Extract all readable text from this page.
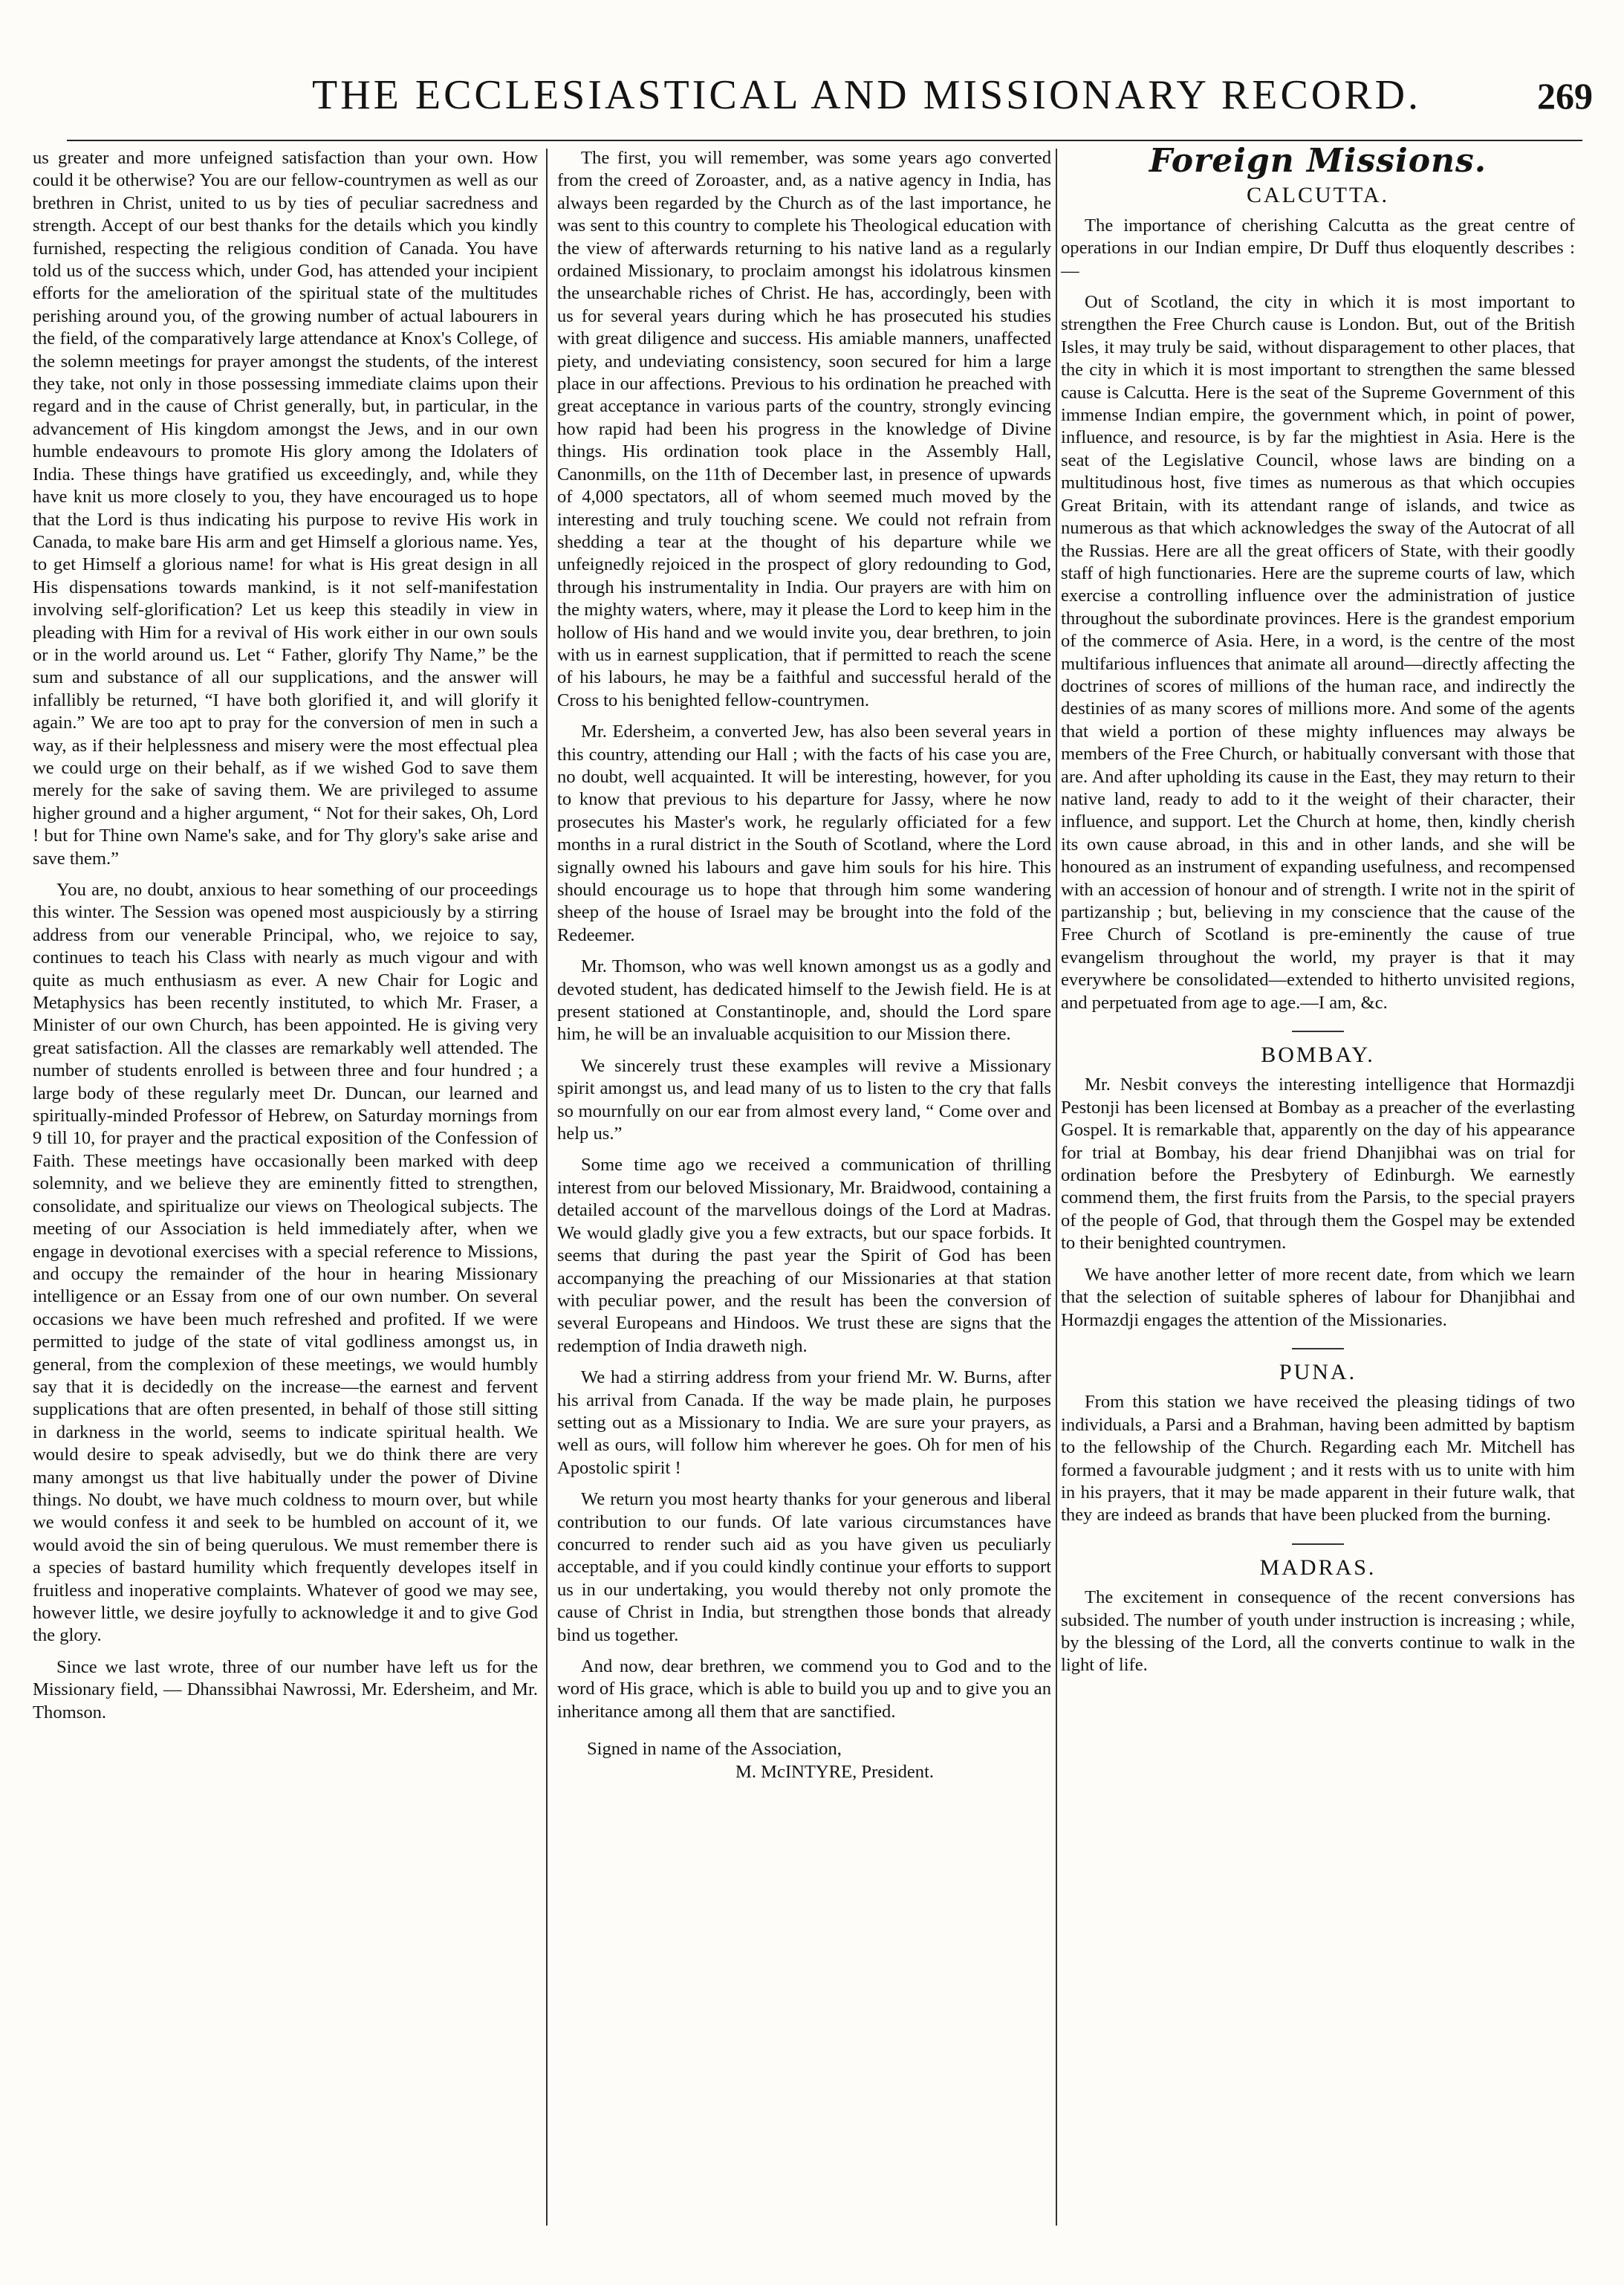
THE ECCLESIASTICAL AND MISSIONARY RECORD.	269

us greater and more unfeigned satisfaction than your own. How could it be otherwise? You are our fellow-countrymen as well as our brethren in Christ, united to us by ties of peculiar sacredness and strength. Accept of our best thanks for the details which you kindly furnished, respecting the religious condition of Canada. You have told us of the success which, under God, has attended your incipient efforts for the amelioration of the spiritual state of the multitudes perishing around you, of the growing number of actual labourers in the field, of the comparatively large attendance at Knox's College, of the solemn meetings for prayer amongst the students, of the interest they take, not only in those possessing immediate claims upon their regard and in the cause of Christ generally, but, in particular, in the advancement of His kingdom amongst the Jews, and in our own humble endeavours to promote His glory among the Idolaters of India. These things have gratified us exceedingly, and, while they have knit us more closely to you, they have encouraged us to hope that the Lord is thus indicating his purpose to revive His work in Canada, to make bare His arm and get Himself a glorious name. Yes, to get Himself a glorious name! for what is His great design in all His dispensations towards mankind, is it not self-manifestation involving self-glorification? Let us keep this steadily in view in pleading with Him for a revival of His work either in our own souls or in the world around us. Let “ Father, glorify Thy Name,” be the sum and substance of all our supplications, and the answer will infallibly be returned, “I have both glorified it, and will glorify it again.” We are too apt to pray for the conversion of men in such a way, as if their helplessness and misery were the most effectual plea we could urge on their behalf, as if we wished God to save them merely for the sake of saving them. We are privileged to assume higher ground and a higher argument, “ Not for their sakes, Oh, Lord ! but for Thine own Name's sake, and for Thy glory's sake arise and save them.”

You are, no doubt, anxious to hear something of our proceedings this winter. The Session was opened most auspiciously by a stirring address from our venerable Principal, who, we rejoice to say, continues to teach his Class with nearly as much vigour and with quite as much enthusiasm as ever. A new Chair for Logic and Metaphysics has been recently instituted, to which Mr. Fraser, a Minister of our own Church, has been appointed. He is giving very great satisfaction. All the classes are remarkably well attended. The number of students enrolled is between three and four hundred ; a large body of these regularly meet Dr. Duncan, our learned and spiritually-minded Professor of Hebrew, on Saturday mornings from 9 till 10, for prayer and the practical exposition of the Confession of Faith. These meetings have occasionally been marked with deep solemnity, and we believe they are eminently fitted to strengthen, consolidate, and spiritualize our views on Theological subjects. The meeting of our Association is held immediately after, when we engage in devotional exercises with a special reference to Missions, and occupy the remainder of the hour in hearing Missionary intelligence or an Essay from one of our own number. On several occasions we have been much refreshed and profited. If we were permitted to judge of the state of vital godliness amongst us, in general, from the complexion of these meetings, we would humbly say that it is decidedly on the increase—the earnest and fervent supplications that are often presented, in behalf of those still sitting in darkness in the world, seems to indicate spiritual health. We would desire to speak advisedly, but we do think there are very many amongst us that live habitually under the power of Divine things. No doubt, we have much coldness to mourn over, but while we would confess it and seek to be humbled on account of it, we would avoid the sin of being querulous. We must remember there is a species of bastard humility which frequently developes itself in fruitless and inoperative complaints. Whatever of good we may see, however little, we desire joyfully to acknowledge it and to give God the glory.

Since we last wrote, three of our number have left us for the Missionary field, — Dhanssibhai Nawrossi, Mr. Edersheim, and Mr. Thomson.

The first, you will remember, was some years ago converted from the creed of Zoroaster, and, as a native agency in India, has always been regarded by the Church as of the last importance, he was sent to this country to complete his Theological education with the view of afterwards returning to his native land as a regularly ordained Missionary, to proclaim amongst his idolatrous kinsmen the unsearchable riches of Christ. He has, accordingly, been with us for several years during which he has prosecuted his studies with great diligence and success. His amiable manners, unaffected piety, and undeviating consistency, soon secured for him a large place in our affections. Previous to his ordination he preached with great acceptance in various parts of the country, strongly evincing how rapid had been his progress in the knowledge of Divine things. His ordination took place in the Assembly Hall, Canonmills, on the 11th of December last, in presence of upwards of 4,000 spectators, all of whom seemed much moved by the interesting and truly touching scene. We could not refrain from shedding a tear at the thought of his departure while we unfeignedly rejoiced in the prospect of glory redounding to God, through his instrumentality in India. Our prayers are with him on the mighty waters, where, may it please the Lord to keep him in the hollow of His hand and we would invite you, dear brethren, to join with us in earnest supplication, that if permitted to reach the scene of his labours, he may be a faithful and successful herald of the Cross to his benighted fellow-countrymen.

Mr. Edersheim, a converted Jew, has also been several years in this country, attending our Hall ; with the facts of his case you are, no doubt, well acquainted. It will be interesting, however, for you to know that previous to his departure for Jassy, where he now prosecutes his Master's work, he regularly officiated for a few months in a rural district in the South of Scotland, where the Lord signally owned his labours and gave him souls for his hire. This should encourage us to hope that through him some wandering sheep of the house of Israel may be brought into the fold of the Redeemer.

Mr. Thomson, who was well known amongst us as a godly and devoted student, has dedicated himself to the Jewish field. He is at present stationed at Constantinople, and, should the Lord spare him, he will be an invaluable acquisition to our Mission there.

We sincerely trust these examples will revive a Missionary spirit amongst us, and lead many of us to listen to the cry that falls so mournfully on our ear from almost every land, “ Come over and help us.”

Some time ago we received a communication of thrilling interest from our beloved Missionary, Mr. Braidwood, containing a detailed account of the marvellous doings of the Lord at Madras. We would gladly give you a few extracts, but our space forbids. It seems that during the past year the Spirit of God has been accompanying the preaching of our Missionaries at that station with peculiar power, and the result has been the conversion of several Europeans and Hindoos. We trust these are signs that the redemption of India draweth nigh.

We had a stirring address from your friend Mr. W. Burns, after his arrival from Canada. If the way be made plain, he purposes setting out as a Missionary to India. We are sure your prayers, as well as ours, will follow him wherever he goes. Oh for men of his Apostolic spirit !

We return you most hearty thanks for your generous and liberal contribution to our funds. Of late various circumstances have concurred to render such aid as you have given us peculiarly acceptable, and if you could kindly continue your efforts to support us in our undertaking, you would thereby not only promote the cause of Christ in India, but strengthen those bonds that already bind us together.

And now, dear brethren, we commend you to God and to the word of His grace, which is able to build you up and to give you an inheritance among all them that are sanctified.

Signed in name of the Association,

M. McINTYRE, President.

Foreign Missions.
CALCUTTA.

The importance of cherishing Calcutta as the great centre of operations in our Indian empire, Dr Duff thus eloquently describes :—

Out of Scotland, the city in which it is most important to strengthen the Free Church cause is London. But, out of the British Isles, it may truly be said, without disparagement to other places, that the city in which it is most important to strengthen the same blessed cause is Calcutta. Here is the seat of the Supreme Government of this immense Indian empire, the government which, in point of power, influence, and resource, is by far the mightiest in Asia. Here is the seat of the Legislative Council, whose laws are binding on a multitudinous host, five times as numerous as that which occupies Great Britain, with its attendant range of islands, and twice as numerous as that which acknowledges the sway of the Autocrat of all the Russias. Here are all the great officers of State, with their goodly staff of high functionaries. Here are the supreme courts of law, which exercise a controlling influence over the administration of justice throughout the subordinate provinces. Here is the grandest emporium of the commerce of Asia. Here, in a word, is the centre of the most multifarious influences that animate all around—directly affecting the doctrines of scores of millions of the human race, and indirectly the destinies of as many scores of millions more. And some of the agents that wield a portion of these mighty influences may always be members of the Free Church, or habitually conversant with those that are. And after upholding its cause in the East, they may return to their native land, ready to add to it the weight of their character, their influence, and support. Let the Church at home, then, kindly cherish its own cause abroad, in this and in other lands, and she will be honoured as an instrument of expanding usefulness, and recompensed with an accession of honour and of strength. I write not in the spirit of partizanship ; but, believing in my conscience that the cause of the Free Church of Scotland is pre-eminently the cause of true evangelism throughout the world, my prayer is that it may everywhere be consolidated—extended to hitherto unvisited regions, and perpetuated from age to age.—I am, &c.

BOMBAY.

Mr. Nesbit conveys the interesting intelligence that Hormazdji Pestonji has been licensed at Bombay as a preacher of the everlasting Gospel. It is remarkable that, apparently on the day of his appearance for trial at Bombay, his dear friend Dhanjibhai was on trial for ordination before the Presbytery of Edinburgh. We earnestly commend them, the first fruits from the Parsis, to the special prayers of the people of God, that through them the Gospel may be extended to their benighted countrymen.

We have another letter of more recent date, from which we learn that the selection of suitable spheres of labour for Dhanjibhai and Hormazdji engages the attention of the Missionaries.

PUNA.

From this station we have received the pleasing tidings of two individuals, a Parsi and a Brahman, having been admitted by baptism to the fellowship of the Church. Regarding each Mr. Mitchell has formed a favourable judgment ; and it rests with us to unite with him in his prayers, that it may be made apparent in their future walk, that they are indeed as brands that have been plucked from the burning.

MADRAS.

The excitement in consequence of the recent conversions has subsided. The number of youth under instruction is increasing ; while, by the blessing of the Lord, all the converts continue to walk in the light of life.
